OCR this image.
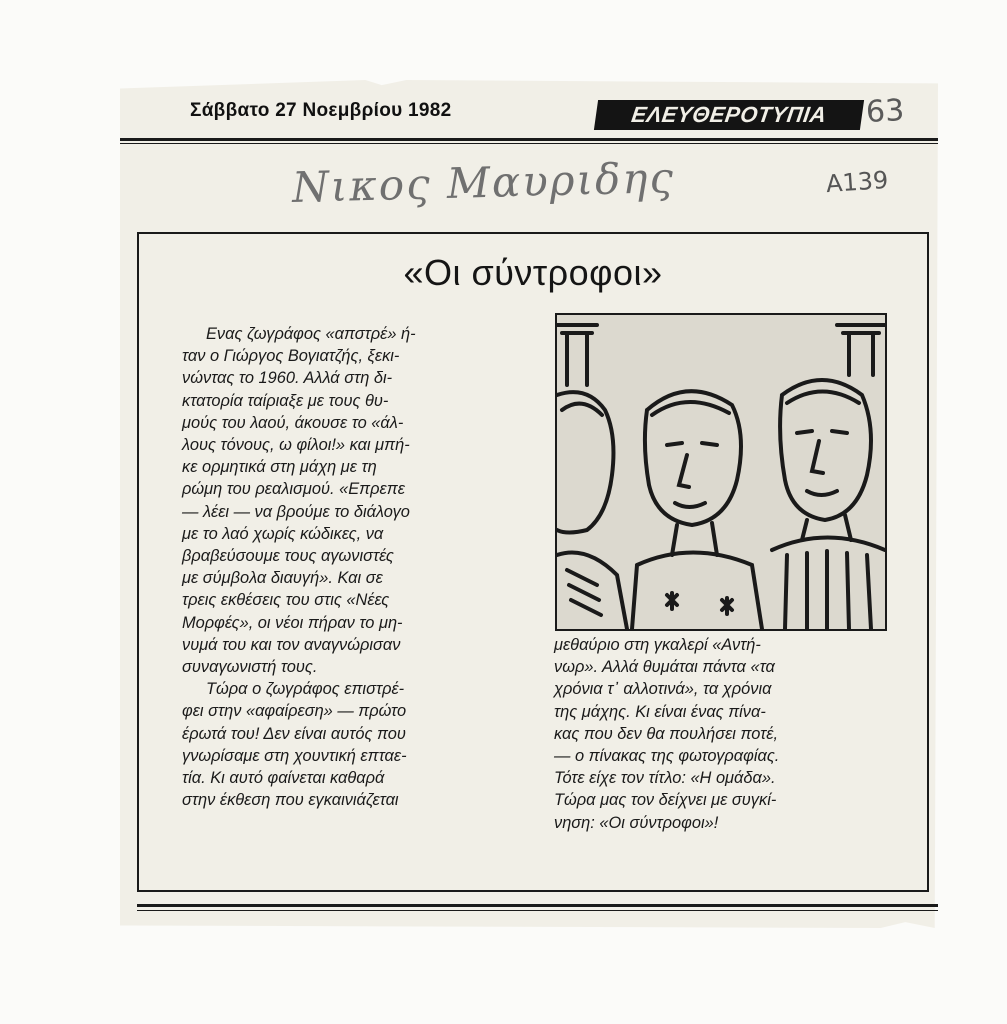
Σάββατο 27 Νοεμβρίου 1982	ΕΛΕΥΘΕΡΟΤΥΠΙΑ	63
Νικος Μαυριδης	Α139
«Οι σύντροφοι»

Ενας ζωγράφος «απστρέ» ή-

ταν ο Γιώργος Βογιατζής, ξεκι-

νώντας το 1960. Αλλά στη δι-

κτατορία ταίριαξε με τους θυ-

μούς του λαού, άκουσε το «άλ-

λους τόνους, ω φίλοι!» και μπή-

κε ορμητικά στη μάχη με τη

ρώμη του ρεαλισμού. «Επρεπε

— λέει — να βρούμε το διάλογο

με το λαό χωρίς κώδικες, να

βραβεύσουμε τους αγωνιστές

με σύμβολα διαυγή». Και σε

τρεις εκθέσεις του στις «Νέες

Μορφές», οι νέοι πήραν το μη-

νυμά του και τον αναγνώρισαν

συναγωνιστή τους.

Τώρα ο ζωγράφος επιστρέ-

φει στην «αφαίρεση» — πρώτο

έρωτά του! Δεν είναι αυτός που

γνωρίσαμε στη χουντική επταε-

τία. Κι αυτό φαίνεται καθαρά

στην έκθεση που εγκαινιάζεται

μεθαύριο στη γκαλερί «Αντή-

νωρ». Αλλά θυμάται πάντα «τα

χρόνια τ᾽ αλλοτινά», τα χρόνια

της μάχης. Κι είναι ένας πίνα-

κας που δεν θα πουλήσει ποτέ,

— ο πίνακας της φωτογραφίας.

Τότε είχε τον τίτλο: «Η ομάδα».

Τώρα μας τον δείχνει με συγκί-

νηση: «Οι σύντροφοι»!
